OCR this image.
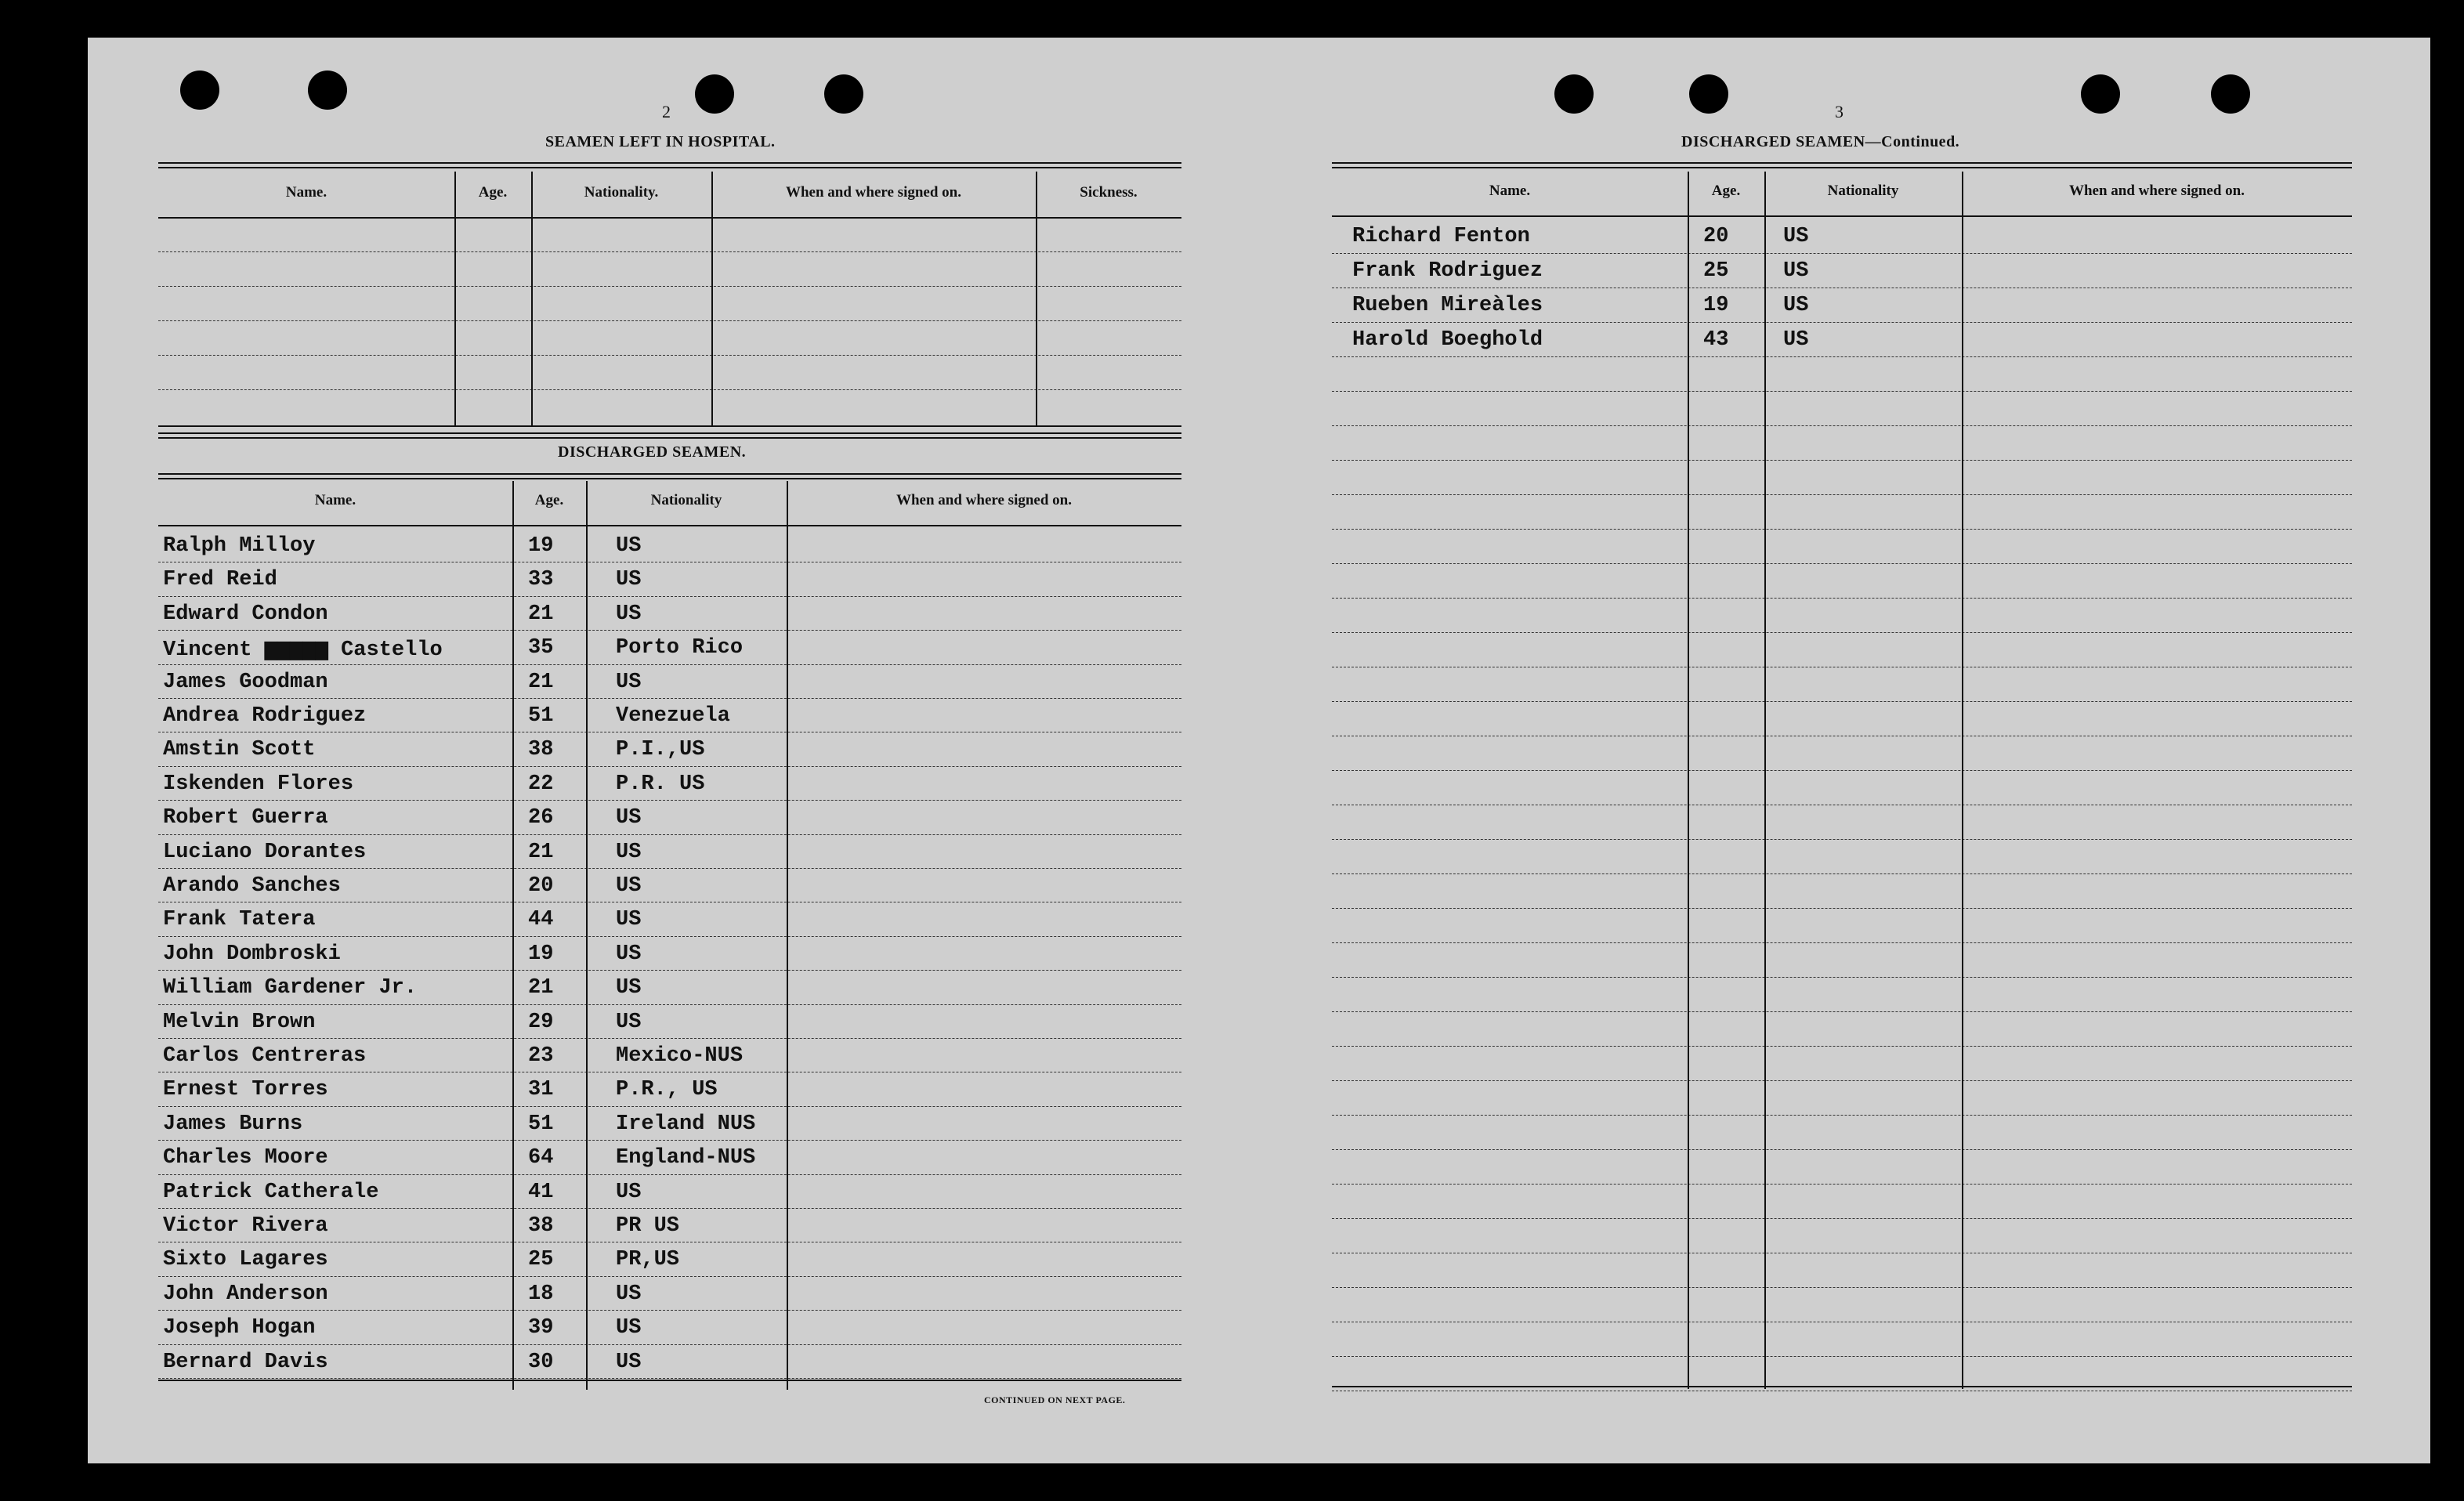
2
SEAMEN LEFT IN HOSPITAL.
Name.	Age.	Nationality.	When and where signed on.	Sickness.
DISCHARGED SEAMEN.
Name.	Age.	Nationality	When and where signed on.
Ralph Milloy	19	US
Fred Reid	33	US
Edward Condon	21	US
Vincent ▆▆▆▆▆ Castello	35	Porto Rico
James Goodman	21	US
Andrea Rodriguez	51	Venezuela
Amstin Scott	38	P.I.,US
Iskenden Flores	22	P.R. US
Robert Guerra	26	US
Luciano Dorantes	21	US
Arando Sanches	20	US
Frank Tatera	44	US
John Dombroski	19	US
William Gardener Jr.	21	US
Melvin Brown	29	US
Carlos Centreras	23	Mexico-NUS
Ernest Torres	31	P.R., US
James Burns	51	Ireland NUS
Charles Moore	64	England-NUS
Patrick Catherale	41	US
Victor Rivera	38	PR US
Sixto Lagares	25	PR,US
John Anderson	18	US
Joseph Hogan	39	US
Bernard Davis	30	US
CONTINUED ON NEXT PAGE.
3
DISCHARGED SEAMEN—Continued.
Name.	Age.	Nationality	When and where signed on.
Richard Fenton	20	US
Frank Rodriguez	25	US
Rueben Mireàles	19	US
Harold Boeghold	43	US
